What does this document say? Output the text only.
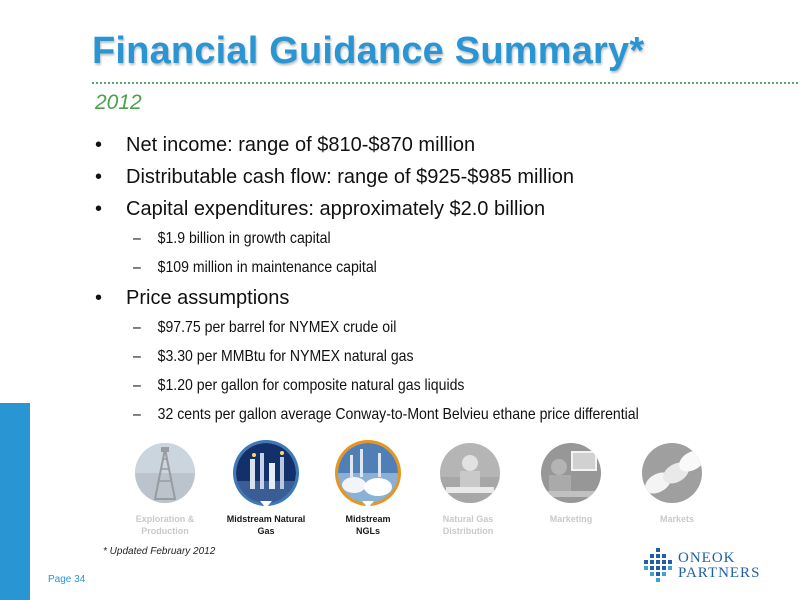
Financial Guidance Summary*
2012
• Net income: range of $810-$870 million
• Distributable cash flow: range of $925-$985 million
• Capital expenditures: approximately $2.0 billion
– $1.9 billion in growth capital
– $109 million in maintenance capital
• Price assumptions
– $97.75 per barrel for NYMEX crude oil
– $3.30 per MMBtu for NYMEX natural gas
– $1.20 per gallon for composite natural gas liquids
– 32 cents per gallon average Conway-to-Mont Belvieu ethane price differential
Exploration &
Production
Midstream Natural
Gas
Midstream
NGLs
Natural Gas
Distribution
Marketing	Markets
* Updated February 2012
Page 34
ONEOK
PARTNERS
